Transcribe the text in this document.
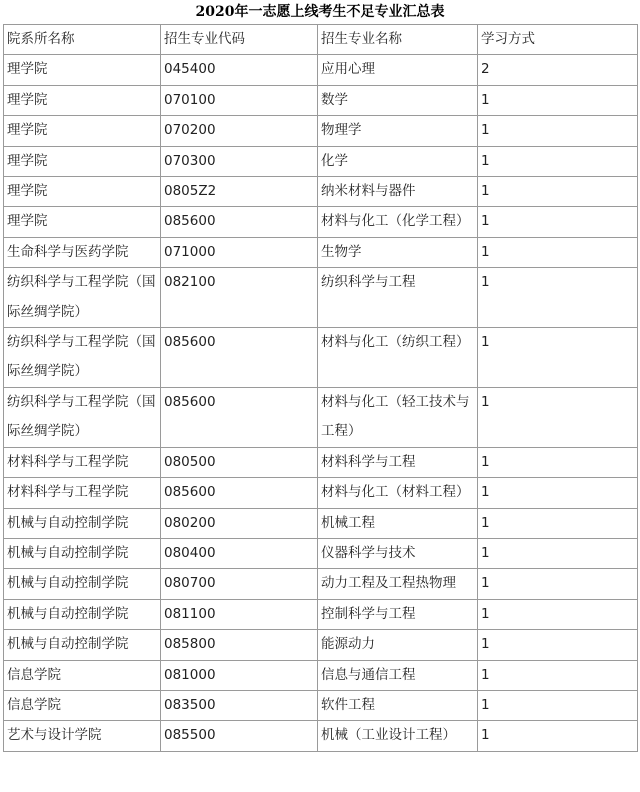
2020年一志愿上线考生不足专业汇总表
院系所名称	招生专业代码	招生专业名称	学习方式
理学院	045400	应用心理	2
理学院	070100	数学	1
理学院	070200	物理学	1
理学院	070300	化学	1
理学院	0805Z2	纳米材料与器件	1
理学院	085600	材料与化工（化学工程）	1
生命科学与医药学院	071000	生物学	1
纺织科学与工程学院（国际丝绸学院）	082100	纺织科学与工程	1
纺织科学与工程学院（国际丝绸学院）	085600	材料与化工（纺织工程）	1
纺织科学与工程学院（国际丝绸学院）	085600	材料与化工（轻工技术与工程）	1
材料科学与工程学院	080500	材料科学与工程	1
材料科学与工程学院	085600	材料与化工（材料工程）	1
机械与自动控制学院	080200	机械工程	1
机械与自动控制学院	080400	仪器科学与技术	1
机械与自动控制学院	080700	动力工程及工程热物理	1
机械与自动控制学院	081100	控制科学与工程	1
机械与自动控制学院	085800	能源动力	1
信息学院	081000	信息与通信工程	1
信息学院	083500	软件工程	1
艺术与设计学院	085500	机械（工业设计工程）	1
